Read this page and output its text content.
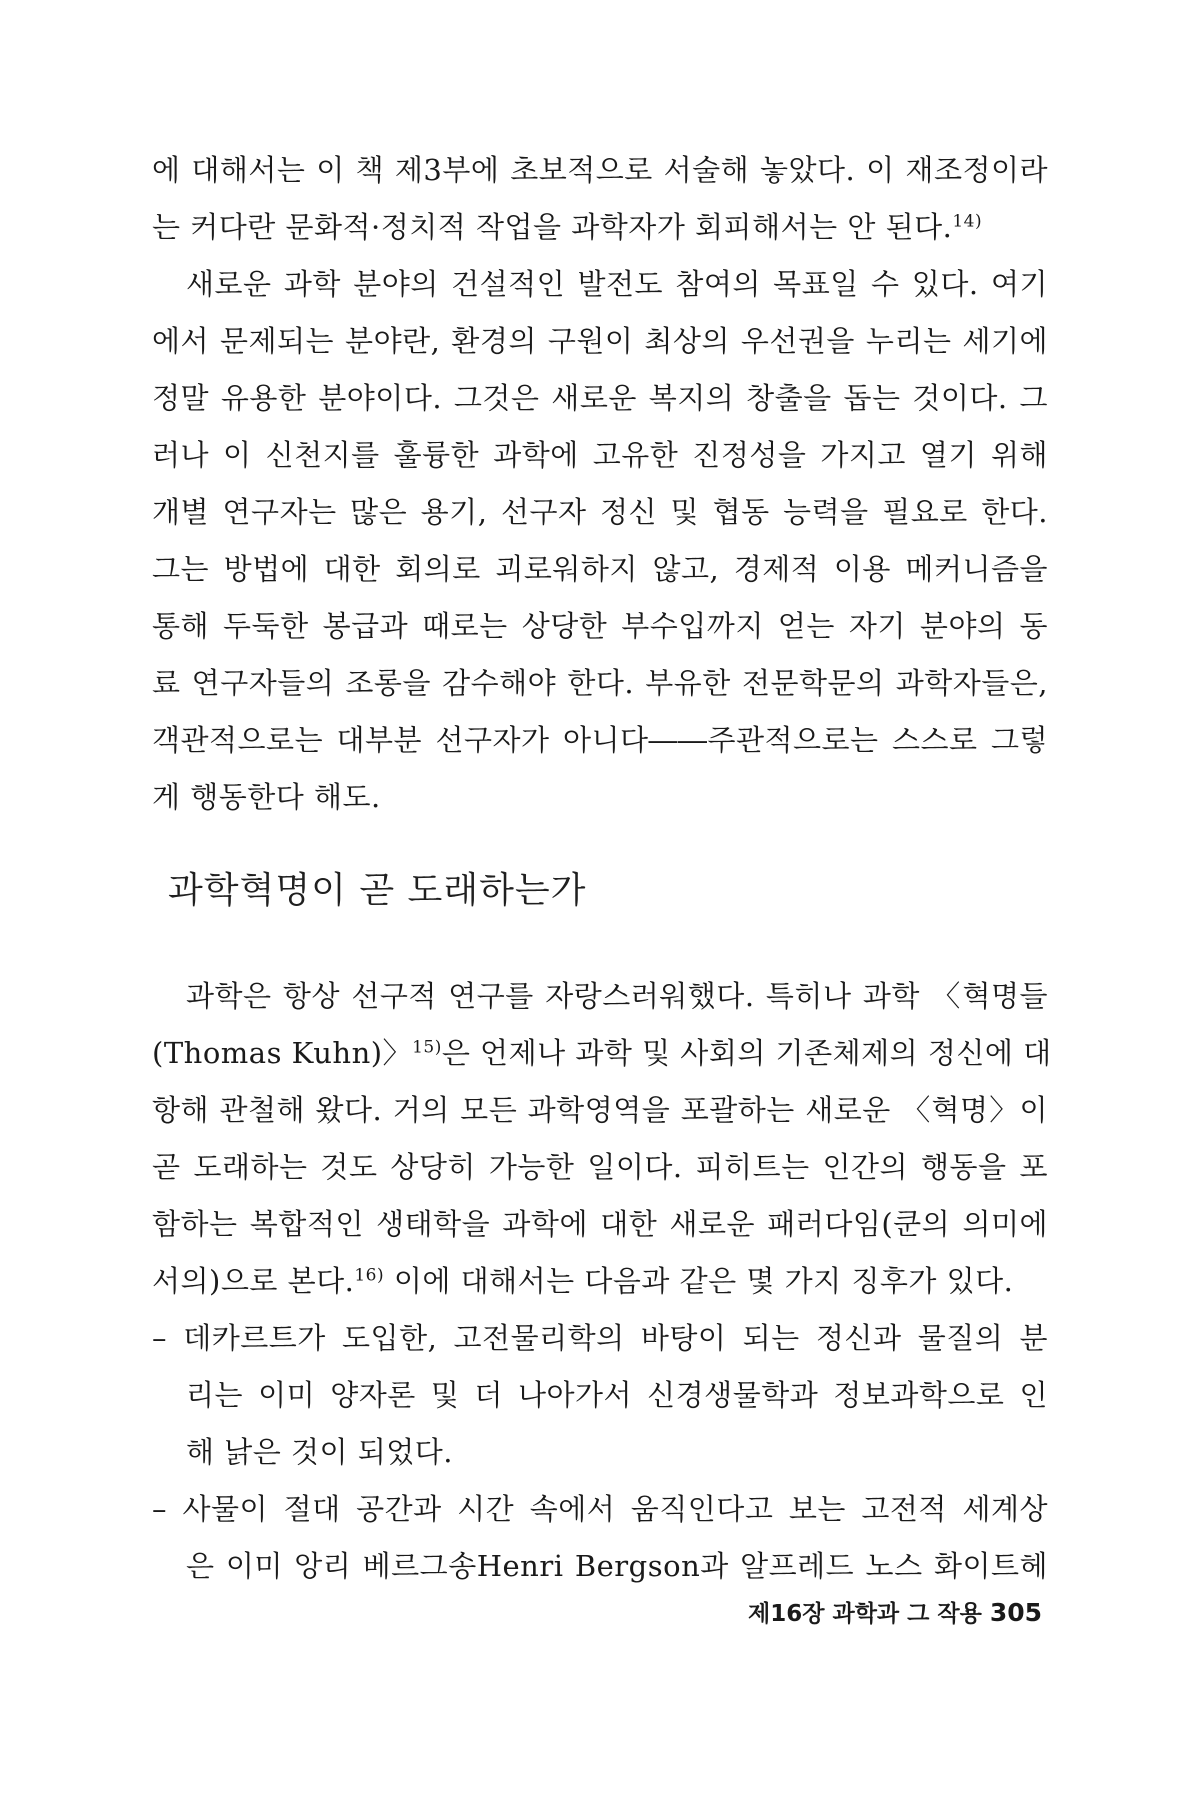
에 대해서는 이 책 제3부에 초보적으로 서술해 놓았다. 이 재조정이라
는 커다란 문화적·정치적 작업을 과학자가 회피해서는 안 된다.$^{14)}$
새로운 과학 분야의 건설적인 발전도 참여의 목표일 수 있다. 여기
에서 문제되는 분야란, 환경의 구원이 최상의 우선권을 누리는 세기에
정말 유용한 분야이다. 그것은 새로운 복지의 창출을 돕는 것이다. 그
러나 이 신천지를 훌륭한 과학에 고유한 진정성을 가지고 열기 위해
개별 연구자는 많은 용기, 선구자 정신 및 협동 능력을 필요로 한다.
그는 방법에 대한 회의로 괴로워하지 않고, 경제적 이용 메커니즘을
통해 두둑한 봉급과 때로는 상당한 부수입까지 얻는 자기 분야의 동
료 연구자들의 조롱을 감수해야 한다. 부유한 전문학문의 과학자들은,
객관적으로는 대부분 선구자가 아니다――주관적으로는 스스로 그렇
게 행동한다 해도.
과학혁명이 곧 도래하는가
과학은 항상 선구적 연구를 자랑스러워했다. 특히나 과학 〈혁명들
(Thomas Kuhn)〉$^{15)}$은 언제나 과학 및 사회의 기존체제의 정신에 대
항해 관철해 왔다. 거의 모든 과학영역을 포괄하는 새로운 〈혁명〉이
곧 도래하는 것도 상당히 가능한 일이다. 피히트는 인간의 행동을 포
함하는 복합적인 생태학을 과학에 대한 새로운 패러다임(쿤의 의미에
서의)으로 본다.$^{16)}$ 이에 대해서는 다음과 같은 몇 가지 징후가 있다.
– 데카르트가 도입한, 고전물리학의 바탕이 되는 정신과 물질의 분
리는 이미 양자론 및 더 나아가서 신경생물학과 정보과학으로 인
해 낡은 것이 되었다.
– 사물이 절대 공간과 시간 속에서 움직인다고 보는 고전적 세계상
은 이미 앙리 베르그송Henri Bergson과 알프레드 노스 화이트헤
제16장 과학과 그 작용 305
